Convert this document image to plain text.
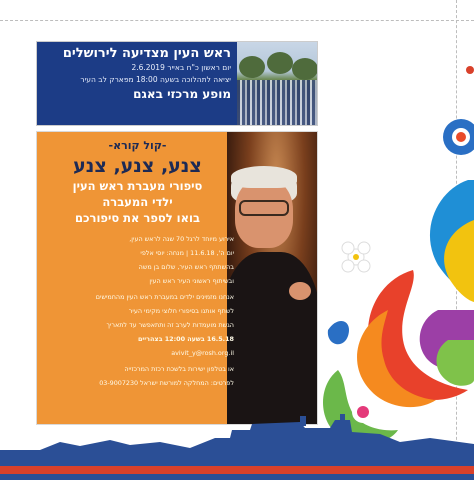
ראש העין מצדיעה לירושלים
יום ראשון כ"ח באייר 2.6.2019
יציאה לתהלוכה בשעה 18:00 מפארק לב העיר
מופע מרכזי באגם
-קול קורא-
צנע, צנע, צנע
סיפורי מעברת ראש העין
ילדי המעברה
בואו לספר את סיפורכם
אירוע מיוחד לרגל 70 שנה לראש העין,
יום ה', 11.6.18 | מנחה: יוסי אלפי
בהשתתף ראש העיר, שלום בן משה
ובשיתוף ראשוני העיר ראש העין
אנחנו מזמינים ילדים במעברת ראש העין מהחמישים
לשתף אותנו בסיפורי חלוצי מקימי העיר
הגשת מועמדות לערב זה ותתאפשר עד לתאריך
16.5.18 בשעה 12:00 בצהריים
avivit_y@rosh.org.il
או בטלפון ישירות בלשכת רכזת המרכזייה
לפרטים: המחלקה למורשת ישראל 03-9007230
